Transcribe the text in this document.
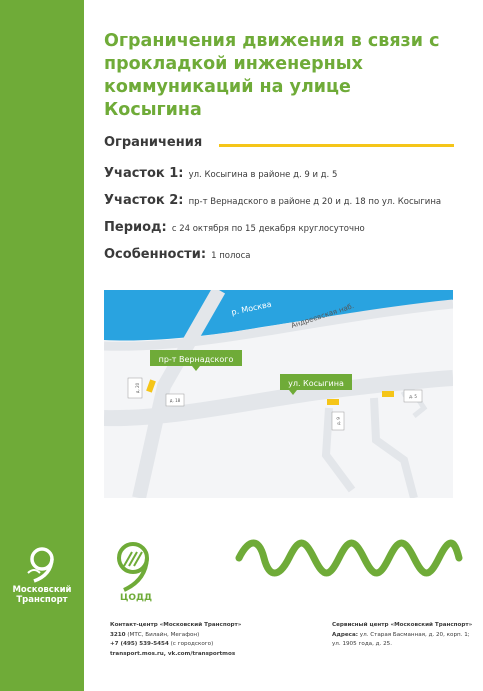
Московский
Транспорт
Ограничения движения в связи с
прокладкой инженерных
коммуникаций на улице Косыгина
Ограничения
Участок 1: ул. Косыгина в районе д. 9 и д. 5
Участок 2: пр-т Вернадского в районе д 20 и д. 18 по ул. Косыгина
Период: с 24 октября по 15 декабря круглосуточно
Особенности: 1 полоса
р. Москва	Андреевская наб.
пр-т Вернадского
ул. Косыгина
д. 20
д. 18
д. 9
д. 5
ЦОДД
Контакт-центр «Московский Транспорт»
3210 (МТС, Билайн, Мегафон)
+7 (495) 539-5454 (с городского)
transport.mos.ru, vk.com/transportmos
Сервисный центр «Московский Транспорт»
Адреса: ул. Старая Басманная, д. 20, корп. 1;
ул. 1905 года, д. 25.
